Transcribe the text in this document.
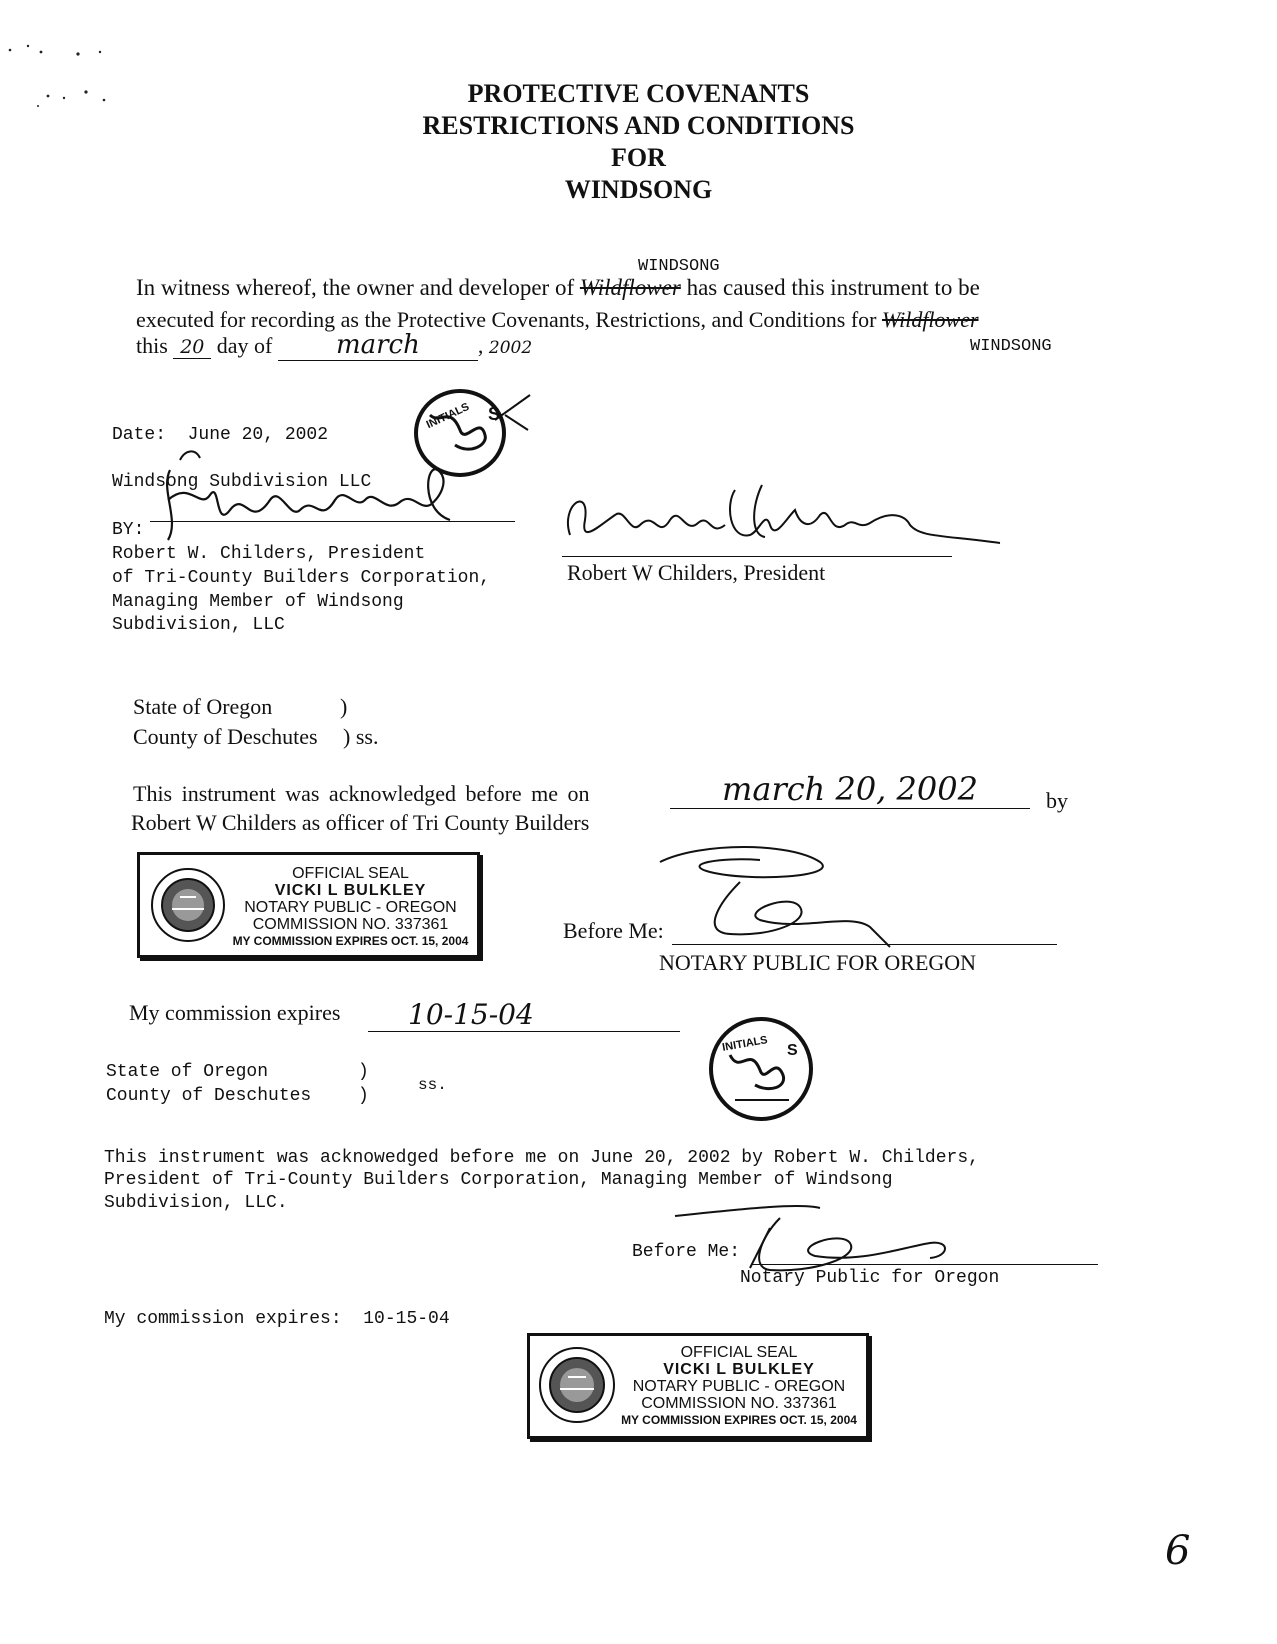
PROTECTIVE COVENANTS
RESTRICTIONS AND CONDITIONS
FOR
WINDSONG
WINDSONG
In witness whereof, the owner and developer of Wildflower has caused this instrument to be
executed for recording as the Protective Covenants, Restrictions, and Conditions for Wildflower
this 20 day of march	, 2002	WINDSONG
Date:  June 20, 2002
Windsong Subdivision LLC
BY:
Robert W. Childers, President
of Tri-County Builders Corporation,
Managing Member of Windsong
Subdivision, LLC
S
INITIALS
Robert W Childers, President
State of Oregon	)
County of Deschutes ) ss.
This instrument was acknowledged before me on	march 20, 2002	by
Robert W Childers as officer of Tri County Builders
OFFICIAL SEAL
VICKI L BULKLEY
NOTARY PUBLIC - OREGON
COMMISSION NO. 337361
MY COMMISSION EXPIRES OCT. 15, 2004	Before Me:
NOTARY PUBLIC FOR OREGON
My commission expires	10-15-04
S
INITIALS
State of Oregon	)
County of Deschutes	)
ss.
This instrument was acknowedged before me on June 20, 2002 by Robert W. Childers,
President of Tri-County Builders Corporation, Managing Member of Windsong
Subdivision, LLC.
Before Me:
Notary Public for Oregon
My commission expires:  10-15-04
OFFICIAL SEAL
VICKI L BULKLEY
NOTARY PUBLIC - OREGON
COMMISSION NO. 337361
MY COMMISSION EXPIRES OCT. 15, 2004
6
